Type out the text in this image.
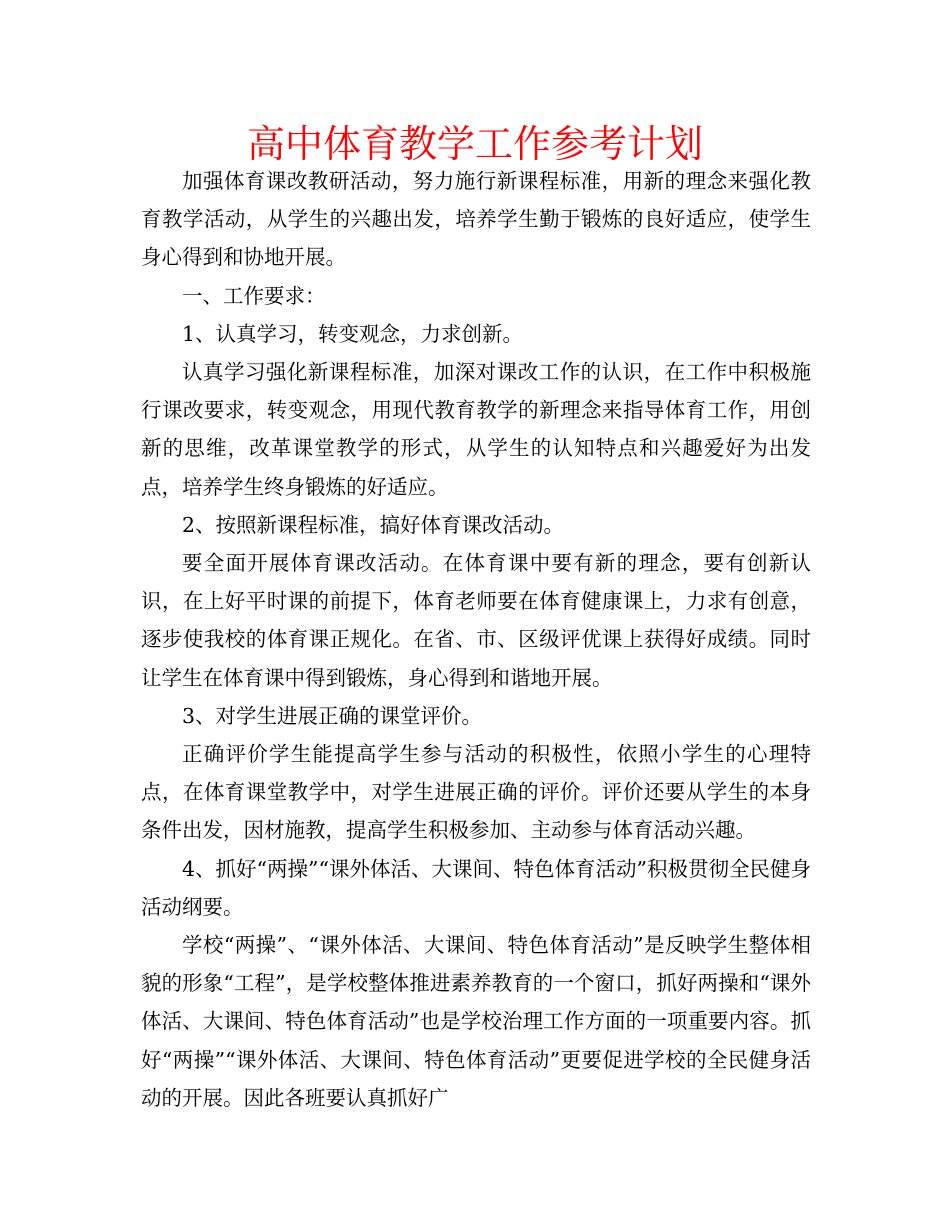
高中体育教学工作参考计划

加强体育课改教研活动，努力施行新课程标准，用新的理念来强化教育教学活动，从学生的兴趣出发，培养学生勤于锻炼的良好适应，使学生身心得到和协地开展。

一、工作要求：

1、认真学习，转变观念，力求创新。

认真学习强化新课程标准，加深对课改工作的认识，在工作中积极施行课改要求，转变观念，用现代教育教学的新理念来指导体育工作，用创新的思维，改革课堂教学的形式，从学生的认知特点和兴趣爱好为出发点，培养学生终身锻炼的好适应。

2、按照新课程标准，搞好体育课改活动。

要全面开展体育课改活动。在体育课中要有新的理念，要有创新认识，在上好平时课的前提下，体育老师要在体育健康课上，力求有创意，逐步使我校的体育课正规化。在省、市、区级评优课上获得好成绩。同时让学生在体育课中得到锻炼，身心得到和谐地开展。

3、对学生进展正确的课堂评价。

正确评价学生能提高学生参与活动的积极性，依照小学生的心理特点，在体育课堂教学中，对学生进展正确的评价。评价还要从学生的本身条件出发，因材施教，提高学生积极参加、主动参与体育活动兴趣。

4、抓好“两操”“课外体活、大课间、特色体育活动”积极贯彻全民健身活动纲要。

学校“两操”、“课外体活、大课间、特色体育活动”是反映学生整体相貌的形象“工程”，是学校整体推进素养教育的一个窗口，抓好两操和“课外体活、大课间、特色体育活动”也是学校治理工作方面的一项重要内容。抓好“两操”“课外体活、大课间、特色体育活动”更要促进学校的全民健身活动的开展。因此各班要认真抓好广
